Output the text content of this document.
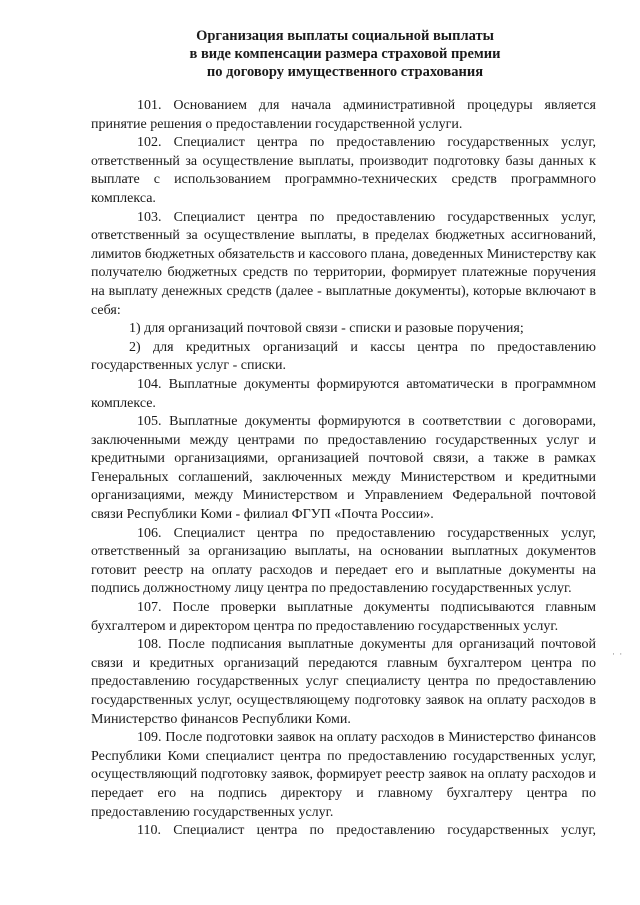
Организация выплаты социальной выплаты
в виде компенсации размера страховой премии
по договору имущественного страхования

101. Основанием для начала административной процедуры является принятие решения о предоставлении государственной услуги.

102. Специалист центра по предоставлению государственных услуг, ответственный за осуществление выплаты, производит подготовку базы данных к выплате с использованием программно-технических средств программного комплекса.

103. Специалист центра по предоставлению государственных услуг, ответственный за осуществление выплаты, в пределах бюджетных ассигнований, лимитов бюджетных обязательств и кассового плана, доведенных Министерству как получателю бюджетных средств по территории, формирует платежные поручения на выплату денежных средств (далее - выплатные документы), которые включают в себя:

1) для организаций почтовой связи - списки и разовые поручения;

2) для кредитных организаций и кассы центра по предоставлению государственных услуг - списки.

104. Выплатные документы формируются автоматически в программном комплексе.

105. Выплатные документы формируются в соответствии с договорами, заключенными между центрами по предоставлению государственных услуг и кредитными организациями, организацией почтовой связи, а также в рамках Генеральных соглашений, заключенных между Министерством и кредитными организациями, между Министерством и Управлением Федеральной почтовой связи Республики Коми - филиал ФГУП «Почта России».

106. Специалист центра по предоставлению государственных услуг, ответственный за организацию выплаты, на основании выплатных документов готовит реестр на оплату расходов и передает его и выплатные документы на подпись должностному лицу центра по предоставлению государственных услуг.

107. После проверки выплатные документы подписываются главным бухгалтером и директором центра по предоставлению государственных услуг.

108. После подписания выплатные документы для организаций почтовой связи и кредитных организаций передаются главным бухгалтером центра по предоставлению государственных услуг специалисту центра по предоставлению государственных услуг, осуществляющему подготовку заявок на оплату расходов в Министерство финансов Республики Коми.

109. После подготовки заявок на оплату расходов в Министерство финансов Республики Коми специалист центра по предоставлению государственных услуг, осуществляющий подготовку заявок, формирует реестр заявок на оплату расходов и передает его на подпись директору и главному бухгалтеру центра по предоставлению государственных услуг.

110. Специалист центра по предоставлению государственных услуг,

· ·
